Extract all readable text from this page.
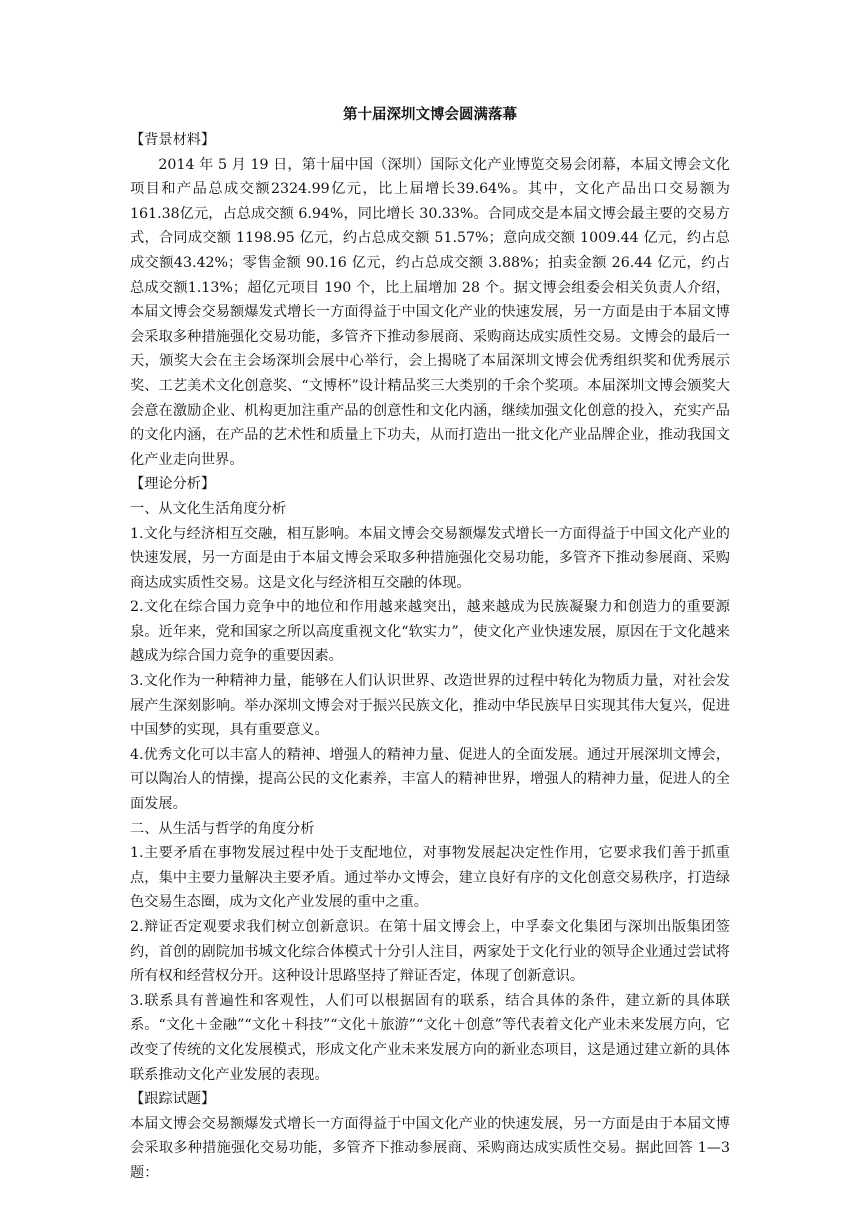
第十届深圳文博会圆满落幕

【背景材料】

2014 年 5 月 19 日，第十届中国（深圳）国际文化产业博览交易会闭幕，本届文博会文化项目和产品总成交额2324.99亿元，比上届增长39.64%。其中，文化产品出口交易额为161.38亿元，占总成交额 6.94%，同比增长 30.33%。合同成交是本届文博会最主要的交易方式，合同成交额 1198.95 亿元，约占总成交额 51.57%；意向成交额 1009.44 亿元，约占总成交额43.42%；零售金额 90.16 亿元，约占总成交额 3.88%；拍卖金额 26.44 亿元，约占总成交额1.13%；超亿元项目 190 个，比上届增加 28 个。据文博会组委会相关负责人介绍，本届文博会交易额爆发式增长一方面得益于中国文化产业的快速发展，另一方面是由于本届文博会采取多种措施强化交易功能，多管齐下推动参展商、采购商达成实质性交易。文博会的最后一天，颁奖大会在主会场深圳会展中心举行，会上揭晓了本届深圳文博会优秀组织奖和优秀展示奖、工艺美术文化创意奖、“文博杯”设计精品奖三大类别的千余个奖项。本届深圳文博会颁奖大会意在激励企业、机构更加注重产品的创意性和文化内涵，继续加强文化创意的投入，充实产品的文化内涵，在产品的艺术性和质量上下功夫，从而打造出一批文化产业品牌企业，推动我国文化产业走向世界。

【理论分析】

一、从文化生活角度分析

1.文化与经济相互交融，相互影响。本届文博会交易额爆发式增长一方面得益于中国文化产业的快速发展，另一方面是由于本届文博会采取多种措施强化交易功能，多管齐下推动参展商、采购商达成实质性交易。这是文化与经济相互交融的体现。

2.文化在综合国力竞争中的地位和作用越来越突出，越来越成为民族凝聚力和创造力的重要源泉。近年来，党和国家之所以高度重视文化“软实力”，使文化产业快速发展，原因在于文化越来越成为综合国力竞争的重要因素。

3.文化作为一种精神力量，能够在人们认识世界、改造世界的过程中转化为物质力量，对社会发展产生深刻影响。举办深圳文博会对于振兴民族文化，推动中华民族早日实现其伟大复兴，促进中国梦的实现，具有重要意义。

4.优秀文化可以丰富人的精神、增强人的精神力量、促进人的全面发展。通过开展深圳文博会，可以陶冶人的情操，提高公民的文化素养，丰富人的精神世界，增强人的精神力量，促进人的全面发展。

二、从生活与哲学的角度分析

1.主要矛盾在事物发展过程中处于支配地位，对事物发展起决定性作用，它要求我们善于抓重点，集中主要力量解决主要矛盾。通过举办文博会，建立良好有序的文化创意交易秩序，打造绿色交易生态圈，成为文化产业发展的重中之重。

2.辩证否定观要求我们树立创新意识。在第十届文博会上，中孚泰文化集团与深圳出版集团签约，首创的剧院加书城文化综合体模式十分引人注目，两家处于文化行业的领导企业通过尝试将所有权和经营权分开。这种设计思路坚持了辩证否定，体现了创新意识。

3.联系具有普遍性和客观性，人们可以根据固有的联系，结合具体的条件，建立新的具体联系。“文化＋金融”“文化＋科技”“文化＋旅游”“文化＋创意”等代表着文化产业未来发展方向，它改变了传统的文化发展模式，形成文化产业未来发展方向的新业态项目，这是通过建立新的具体联系推动文化产业发展的表现。

【跟踪试题】

本届文博会交易额爆发式增长一方面得益于中国文化产业的快速发展，另一方面是由于本届文博会采取多种措施强化交易功能，多管齐下推动参展商、采购商达成实质性交易。据此回答 1—3 题：
